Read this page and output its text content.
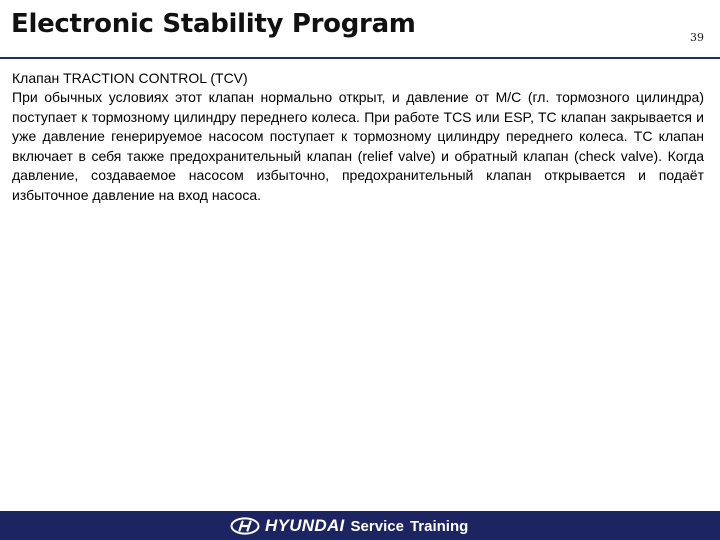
Electronic Stability Program	39

Клапан TRACTION CONTROL (TCV)

При обычных условиях этот клапан нормально открыт, и давление от M/C (гл. тормозного цилиндра) поступает к тормозному цилиндру переднего колеса. При работе TCS или ESP, TC клапан закрывается и уже давление генерируемое насосом поступает к тормозному цилиндру переднего колеса. TC клапан включает в себя также предохранительный клапан (relief valve) и обратный клапан (check valve). Когда давление, создаваемое насосом избыточно, предохранительный клапан открывается и подаёт избыточное давление на вход насоса.

HYUNDAI Service Training
